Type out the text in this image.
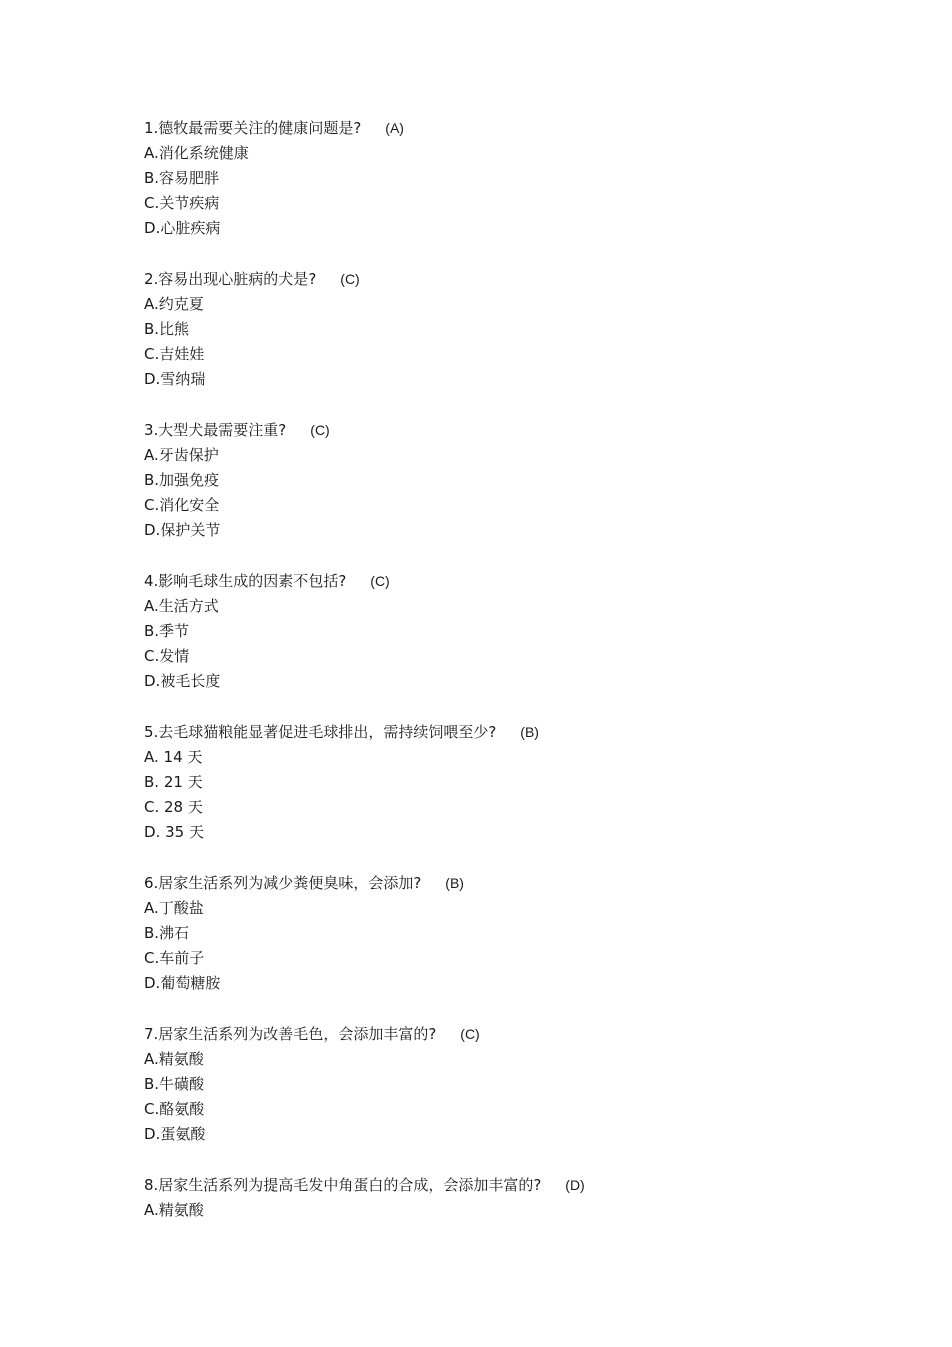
1.德牧最需要关注的健康问题是? (A)
A.消化系统健康
B.容易肥胖
C.关节疾病
D.心脏疾病
2.容易出现心脏病的犬是? (C)
A.约克夏
B.比熊
C.吉娃娃
D.雪纳瑞
3.大型犬最需要注重? (C)
A.牙齿保护
B.加强免疫
C.消化安全
D.保护关节
4.影响毛球生成的因素不包括? (C)
A.生活方式
B.季节
C.发情
D.被毛长度
5.去毛球猫粮能显著促进毛球排出，需持续饲喂至少? (B)
A. 14 天
B. 21 天
C. 28 天
D. 35 天
6.居家生活系列为减少粪便臭味，会添加? (B)
A.丁酸盐
B.沸石
C.车前子
D.葡萄糖胺
7.居家生活系列为改善毛色，会添加丰富的? (C)
A.精氨酸
B.牛磺酸
C.酪氨酸
D.蛋氨酸
8.居家生活系列为提高毛发中角蛋白的合成，会添加丰富的? (D)
A.精氨酸
